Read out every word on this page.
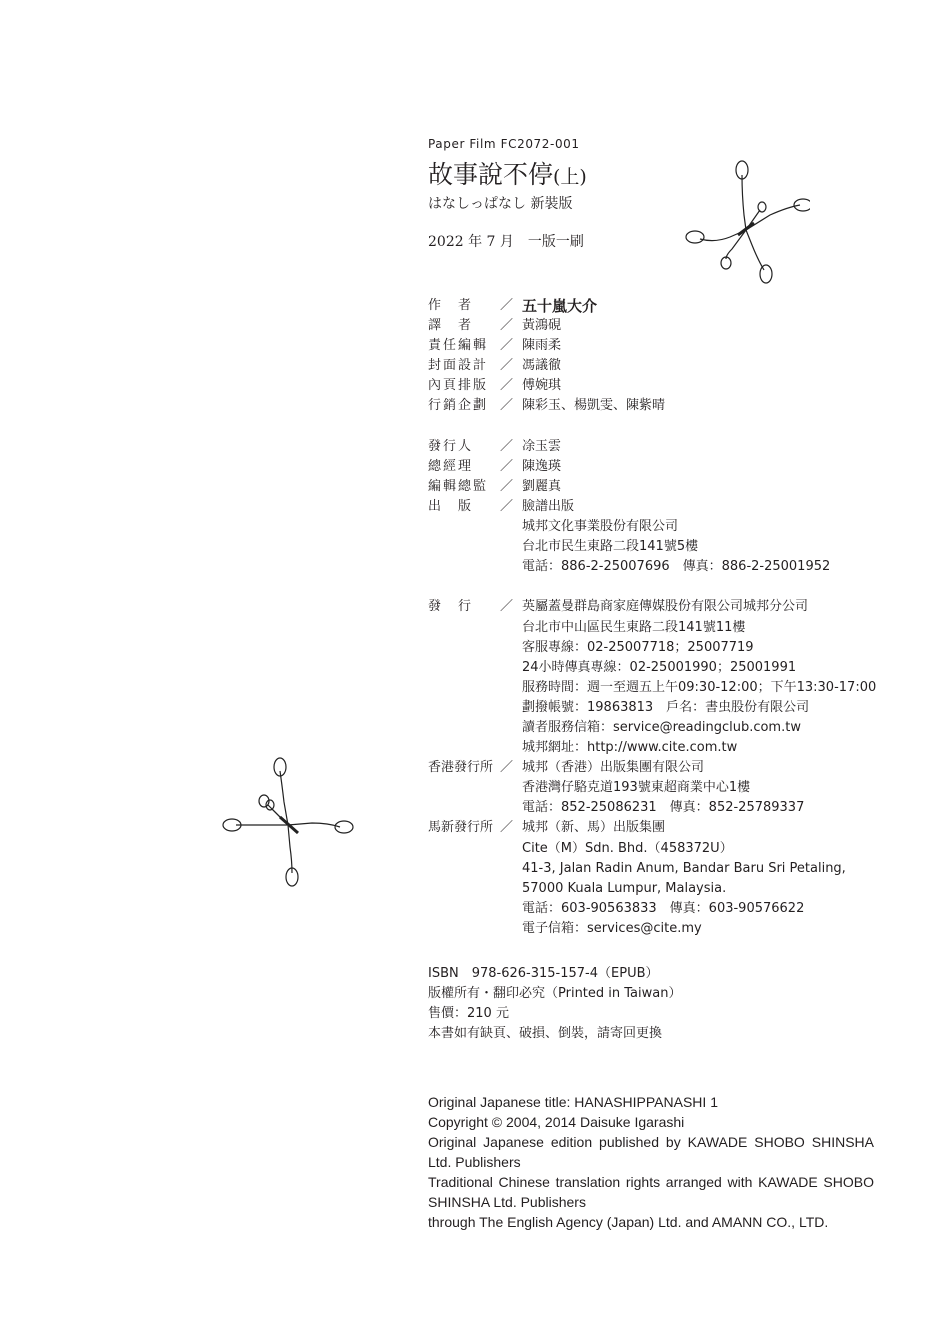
Paper Film FC2072-001
故事說不停(上)
はなしっぱなし 新裝版
2022 年 7 月　一版一刷
作　者	／ 五十嵐大介
譯　者	／ 黃鴻硯
責任編輯 ／ 陳雨柔
封面設計 ／ 馮議徹
內頁排版 ／ 傅婉琪
行銷企劃 ／ 陳彩玉、楊凱雯、陳紫晴
發行人	／ 凃玉雲
總經理	／ 陳逸瑛
編輯總監 ／ 劉麗真
出　版	／ 臉譜出版
城邦文化事業股份有限公司
台北市民生東路二段141號5樓
電話：886-2-25007696　傳真：886-2-25001952
發　行	／ 英屬蓋曼群島商家庭傳媒股份有限公司城邦分公司
台北市中山區民生東路二段141號11樓
客服專線：02-25007718；25007719
24小時傳真專線：02-25001990；25001991
服務時間：週一至週五上午09:30-12:00；下午13:30-17:00
劃撥帳號：19863813　戶名：書虫股份有限公司
讀者服務信箱：service@readingclub.com.tw
城邦網址：http://www.cite.com.tw
香港發行所 ／ 城邦（香港）出版集團有限公司
香港灣仔駱克道193號東超商業中心1樓
電話：852-25086231　傳真：852-25789337
馬新發行所 ／ 城邦（新、馬）出版集團
Cite（M）Sdn. Bhd.（458372U）
41-3, Jalan Radin Anum, Bandar Baru Sri Petaling,
57000 Kuala Lumpur, Malaysia.
電話：603-90563833　傳真：603-90576622
電子信箱：services@cite.my
ISBN　978-626-315-157-4（EPUB）
版權所有・翻印必究（Printed in Taiwan）
售價：210 元
本書如有缺頁、破損、倒裝，請寄回更換
Original Japanese title: HANASHIPPANASHI 1
Copyright © 2004, 2014 Daisuke Igarashi
Original Japanese edition published by KAWADE SHOBO SHINSHA Ltd. Publishers
Traditional Chinese translation rights arranged with KAWADE SHOBO SHINSHA Ltd. Publishers
through The English Agency (Japan) Ltd. and AMANN CO., LTD.
